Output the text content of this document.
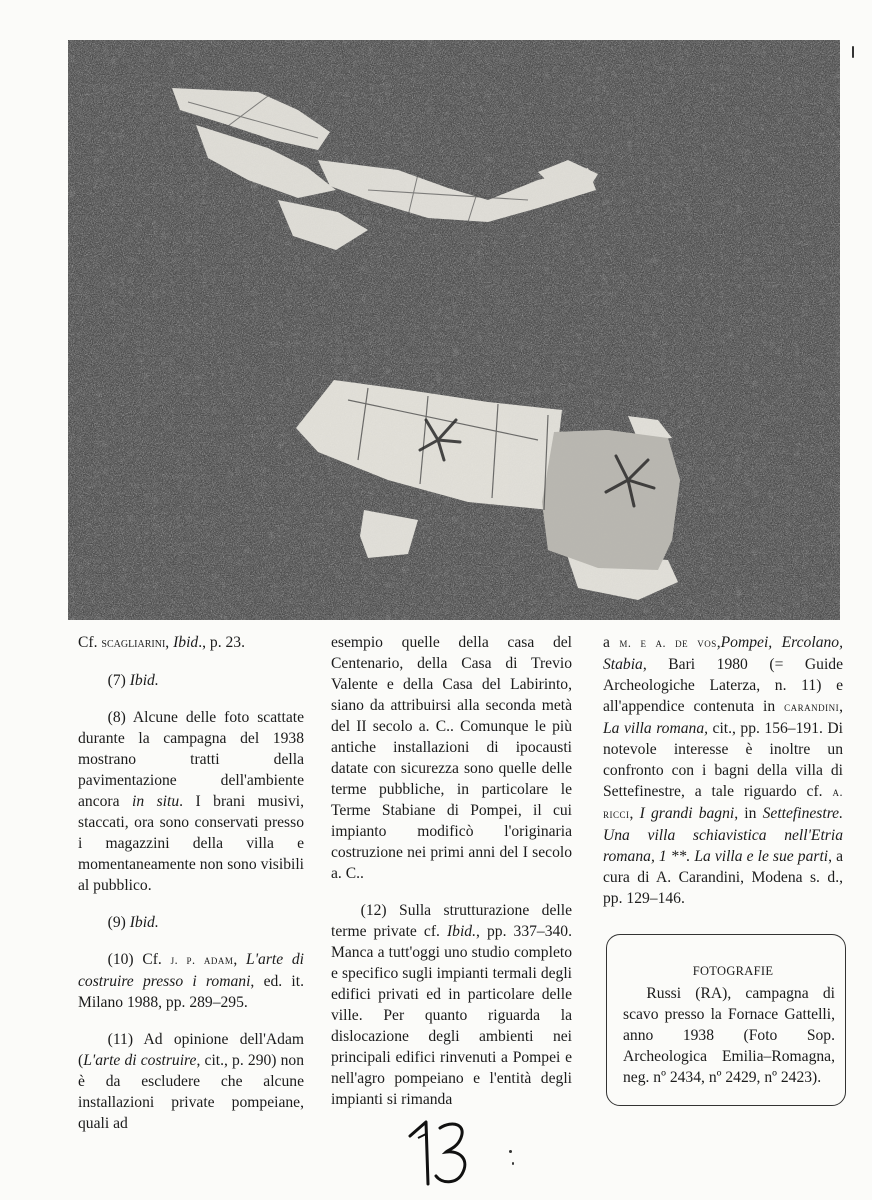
Cf. scagliarini, Ibid., p. 23.

(7) Ibid.

(8) Alcune delle foto scattate durante la campagna del 1938 mostrano tratti della pavimentazione dell'ambiente ancora in situ. I brani musivi, staccati, ora sono conservati presso i magazzini della villa e momentaneamente non sono visibili al pubblico.

(9) Ibid.

(10) Cf. j. p. adam, L'arte di costruire presso i romani, ed. it. Milano 1988, pp. 289–295.

(11) Ad opinione dell'Adam (L'arte di costruire, cit., p. 290) non è da escludere che alcune installazioni private pompeiane, quali ad

esempio quelle della casa del Centenario, della Casa di Trevio Valente e della Casa del Labirinto, siano da attribuirsi alla seconda metà del II secolo a. C.. Comunque le più antiche installazioni di ipocausti datate con sicurezza sono quelle delle terme pubbliche, in particolare le Terme Stabiane di Pompei, il cui impianto modificò l'originaria costruzione nei primi anni del I secolo a. C..

(12) Sulla strutturazione delle terme private cf. Ibid., pp. 337–340. Manca a tutt'oggi uno studio completo e specifico sugli impianti termali degli edifici privati ed in particolare delle ville. Per quanto riguarda la dislocazione degli ambienti nei principali edifici rinvenuti a Pompei e nell'agro pompeiano e l'entità degli impianti si rimanda

a m. e a. de vos,Pompei, Ercolano, Stabia, Bari 1980 (= Guide Archeologiche Laterza, n. 11) e all'appendice contenuta in carandini, La villa romana, cit., pp. 156–191. Di notevole interesse è inoltre un confronto con i bagni della villa di Settefinestre, a tale riguardo cf. a. ricci, I grandi bagni, in Settefinestre. Una villa schiavistica nell'Etria romana, 1 **. La villa e le sue parti, a cura di A. Carandini, Modena s. d., pp. 129–146.

FOTOGRAFIE
Russi (RA), campagna di scavo presso la Fornace Gattelli, anno 1938 (Foto Sop. Archeologica Emilia–Romagna, neg. nº 2434, nº 2429, nº 2423).
